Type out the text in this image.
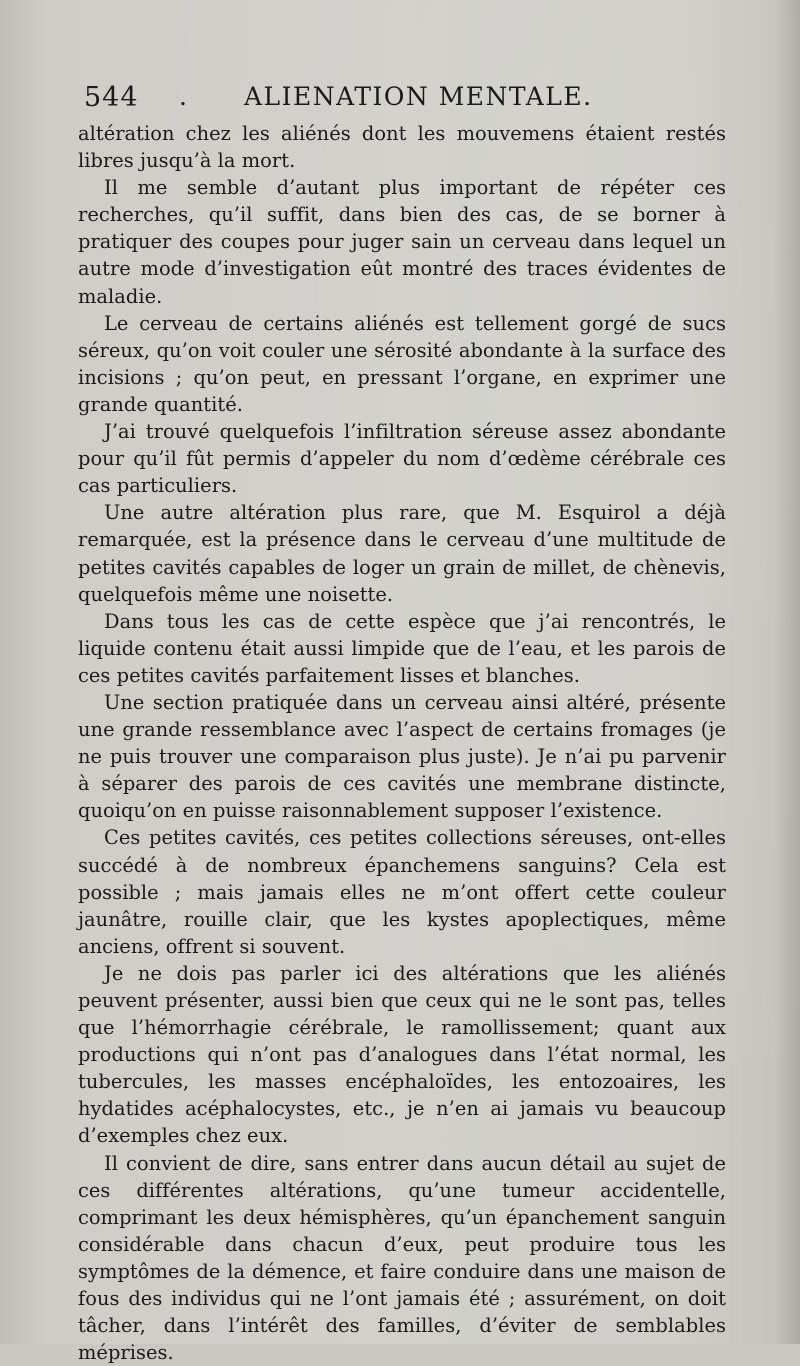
544 . ALIENATION MENTALE.

altération chez les aliénés dont les mouvemens étaient restés libres jusqu’à la mort.

Il me semble d’autant plus important de répéter ces recherches, qu’il suffit, dans bien des cas, de se borner à pratiquer des coupes pour juger sain un cerveau dans lequel un autre mode d’investigation eût montré des traces évidentes de maladie.

Le cerveau de certains aliénés est tellement gorgé de sucs séreux, qu’on voit couler une sérosité abondante à la surface des incisions ; qu’on peut, en pressant l’organe, en exprimer une grande quantité.

J’ai trouvé quelquefois l’infiltration séreuse assez abondante pour qu’il fût permis d’appeler du nom d’œdème cérébrale ces cas particuliers.

Une autre altération plus rare, que M. Esquirol a déjà remarquée, est la présence dans le cerveau d’une multitude de petites cavités capables de loger un grain de millet, de chènevis, quelquefois même une noisette.

Dans tous les cas de cette espèce que j’ai rencontrés, le liquide contenu était aussi limpide que de l’eau, et les parois de ces petites cavités parfaitement lisses et blanches.

Une section pratiquée dans un cerveau ainsi altéré, présente une grande ressemblance avec l’aspect de certains fromages (je ne puis trouver une comparaison plus juste). Je n’ai pu parvenir à séparer des parois de ces cavités une membrane distincte, quoiqu’on en puisse raisonnablement supposer l’existence.

Ces petites cavités, ces petites collections séreuses, ont-elles succédé à de nombreux épanchemens sanguins? Cela est possible ; mais jamais elles ne m’ont offert cette couleur jaunâtre, rouille clair, que les kystes apoplectiques, même anciens, offrent si souvent.

Je ne dois pas parler ici des altérations que les aliénés peuvent présenter, aussi bien que ceux qui ne le sont pas, telles que l’hémorrhagie cérébrale, le ramollissement; quant aux productions qui n’ont pas d’analogues dans l’état normal, les tubercules, les masses encéphaloïdes, les entozoaires, les hydatides acéphalocystes, etc., je n’en ai jamais vu beaucoup d’exemples chez eux.

Il convient de dire, sans entrer dans aucun détail au sujet de ces différentes altérations, qu’une tumeur accidentelle, comprimant les deux hémisphères, qu’un épanchement sanguin considérable dans chacun d’eux, peut produire tous les symptômes de la démence, et faire conduire dans une maison de fous des individus qui ne l’ont jamais été ; assurément, on doit tâcher, dans l’intérêt des familles, d’éviter de semblables méprises.
